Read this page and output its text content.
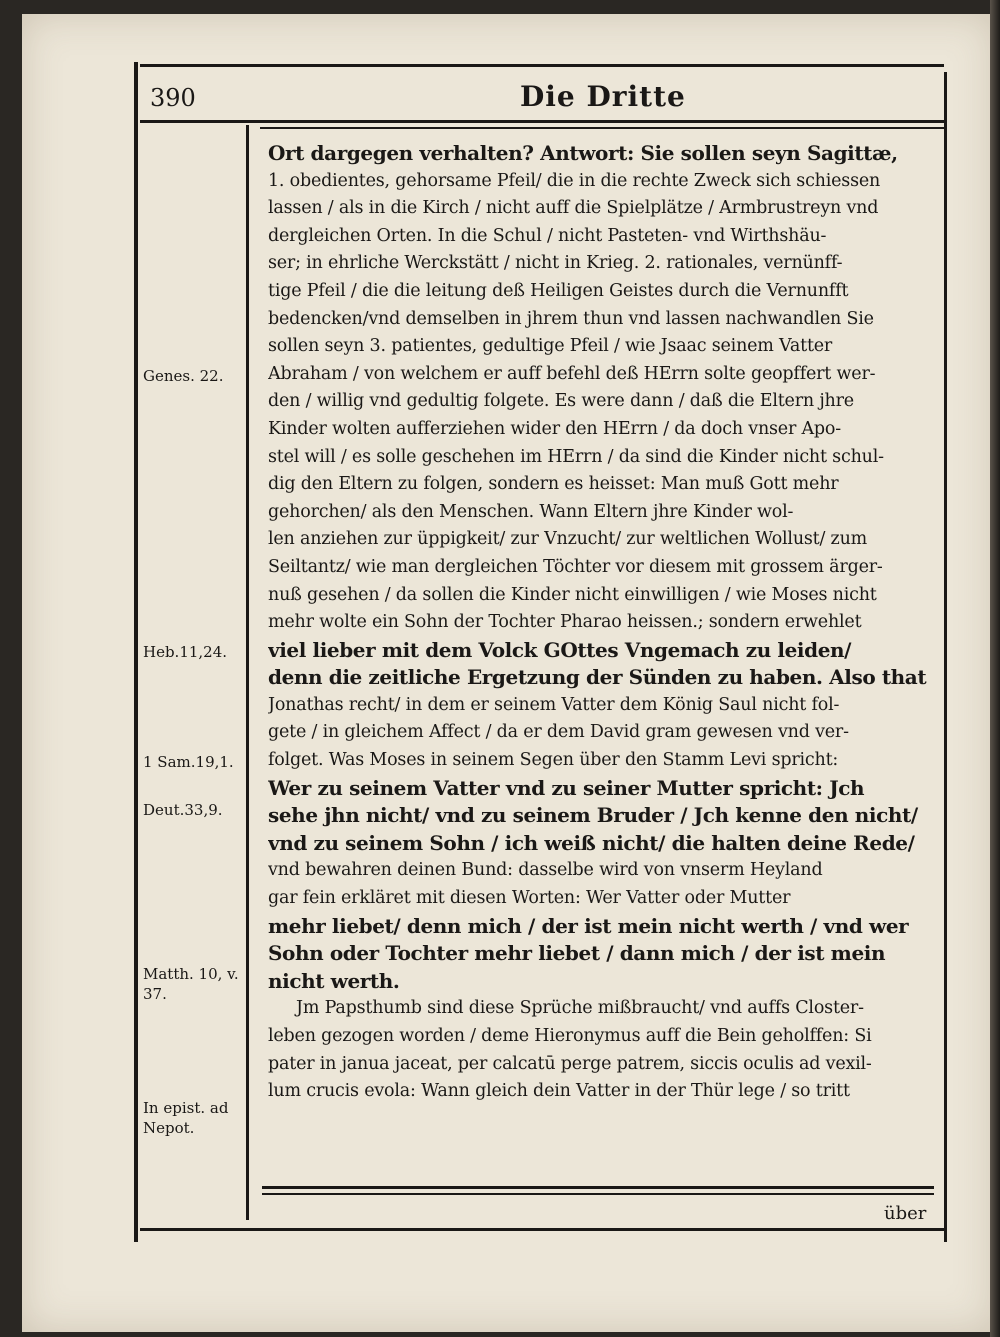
390	Die Dritte
Genes. 22.
Heb.11,24.
1 Sam.19,1.
Deut.33,9.
Matth. 10, v. 37.
In epist. ad Nepot.
Ort dargegen verhalten? Antwort: Sie sollen seyn Sagittæ,
1. obedientes, gehorsame Pfeil/ die in die rechte Zweck sich schiessen
lassen / als in die Kirch / nicht auff die Spielplätze / Armbrustreyn vnd
dergleichen Orten. In die Schul / nicht Pasteten- vnd Wirthshäu-
ser; in ehrliche Werckstätt / nicht in Krieg. 2. rationales, vernünff-
tige Pfeil / die die leitung deß Heiligen Geistes durch die Vernunfft
bedencken/vnd demselben in jhrem thun vnd lassen nachwandlen Sie
sollen seyn 3. patientes, gedultige Pfeil / wie Jsaac seinem Vatter
Abraham / von welchem er auff befehl deß HErrn solte geopffert wer-
den / willig vnd gedultig folgete. Es were dann / daß die Eltern jhre
Kinder wolten aufferziehen wider den HErrn / da doch vnser Apo-
stel will / es solle geschehen im HErrn / da sind die Kinder nicht schul-
dig den Eltern zu folgen, sondern es heisset: Man muß Gott mehr
gehorchen/ als den Menschen. Wann Eltern jhre Kinder wol-
len anziehen zur üppigkeit/ zur Vnzucht/ zur weltlichen Wollust/ zum
Seiltantz/ wie man dergleichen Töchter vor diesem mit grossem ärger-
nuß gesehen / da sollen die Kinder nicht einwilligen / wie Moses nicht
mehr wolte ein Sohn der Tochter Pharao heissen.; sondern erwehlet
viel lieber mit dem Volck GOttes Vngemach zu leiden/
denn die zeitliche Ergetzung der Sünden zu haben. Also that
Jonathas recht/ in dem er seinem Vatter dem König Saul nicht fol-
gete / in gleichem Affect / da er dem David gram gewesen vnd ver-
folget. Was Moses in seinem Segen über den Stamm Levi spricht:
Wer zu seinem Vatter vnd zu seiner Mutter spricht: Jch
sehe jhn nicht/ vnd zu seinem Bruder / Jch kenne den nicht/
vnd zu seinem Sohn / ich weiß nicht/ die halten deine Rede/
vnd bewahren deinen Bund: dasselbe wird von vnserm Heyland
gar fein erkläret mit diesen Worten: Wer Vatter oder Mutter
mehr liebet/ denn mich / der ist mein nicht werth / vnd wer
Sohn oder Tochter mehr liebet / dann mich / der ist mein
nicht werth.
Jm Papsthumb sind diese Sprüche mißbraucht/ vnd auffs Closter-
leben gezogen worden / deme Hieronymus auff die Bein geholffen: Si
pater in janua jaceat, per calcatū perge patrem, siccis oculis ad vexil-
lum crucis evola: Wann gleich dein Vatter in der Thür lege / so tritt
über
